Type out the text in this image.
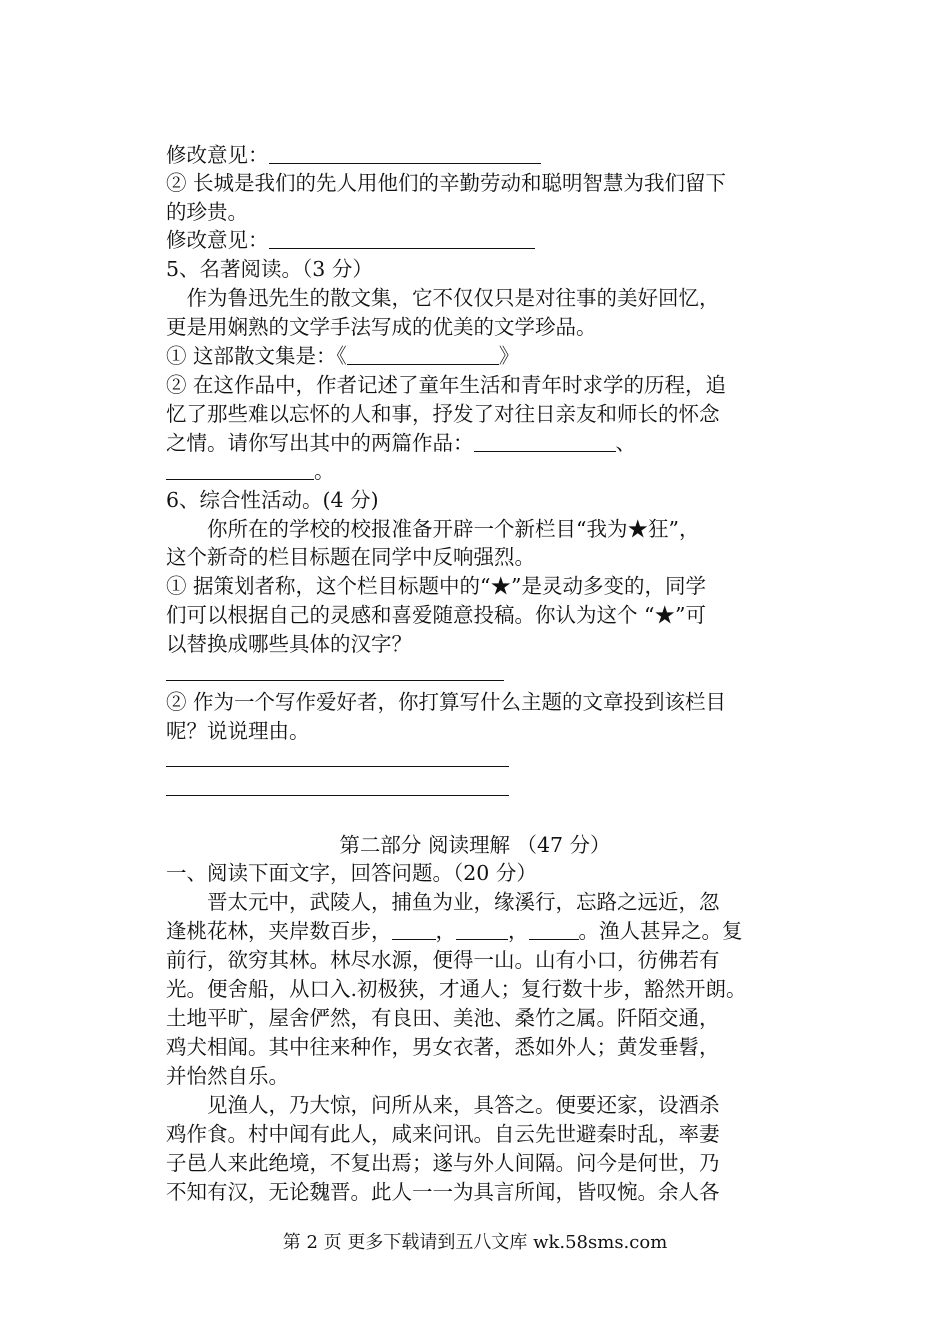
修改意见：
② 长城是我们的先人用他们的辛勤劳动和聪明智慧为我们留下
的珍贵。
修改意见：
5、名著阅读。（3 分）
　作为鲁迅先生的散文集，它不仅仅只是对往事的美好回忆，
更是用娴熟的文学手法写成的优美的文学珍品。
① 这部散文集是：《	》
② 在这作品中，作者记述了童年生活和青年时求学的历程，追
忆了那些难以忘怀的人和事，抒发了对往日亲友和师长的怀念
之情。请你写出其中的两篇作品：	、
。
6、综合性活动。(4 分)
　　你所在的学校的校报准备开辟一个新栏目“我为★狂”，
这个新奇的栏目标题在同学中反响强烈。
① 据策划者称，这个栏目标题中的“★”是灵动多变的，同学
们可以根据自己的灵感和喜爱随意投稿。你认为这个 “★”可
以替换成哪些具体的汉字？
② 作为一个写作爱好者，你打算写什么主题的文章投到该栏目
呢？说说理由。
第二部分 阅读理解 （47 分）
一、阅读下面文字，回答问题。（20 分）
　　晋太元中，武陵人，捕鱼为业，缘溪行，忘路之远近，忽
逢桃花林，夹岸数百步， ，	， 。渔人甚异之。复
前行，欲穷其林。林尽水源，便得一山。山有小口，彷佛若有
光。便舍船，从口入.初极狭，才通人；复行数十步，豁然开朗。
土地平旷，屋舍俨然，有良田、美池、桑竹之属。阡陌交通，
鸡犬相闻。其中往来种作，男女衣著，悉如外人；黄发垂髫，
并怡然自乐。
　　见渔人，乃大惊，问所从来，具答之。便要还家，设酒杀
鸡作食。村中闻有此人，咸来问讯。自云先世避秦时乱，率妻
子邑人来此绝境，不复出焉；遂与外人间隔。问今是何世，乃
不知有汉，无论魏晋。此人一一为具言所闻，皆叹惋。余人各
第 2 页 更多下载请到五八文库 wk.58sms.com
